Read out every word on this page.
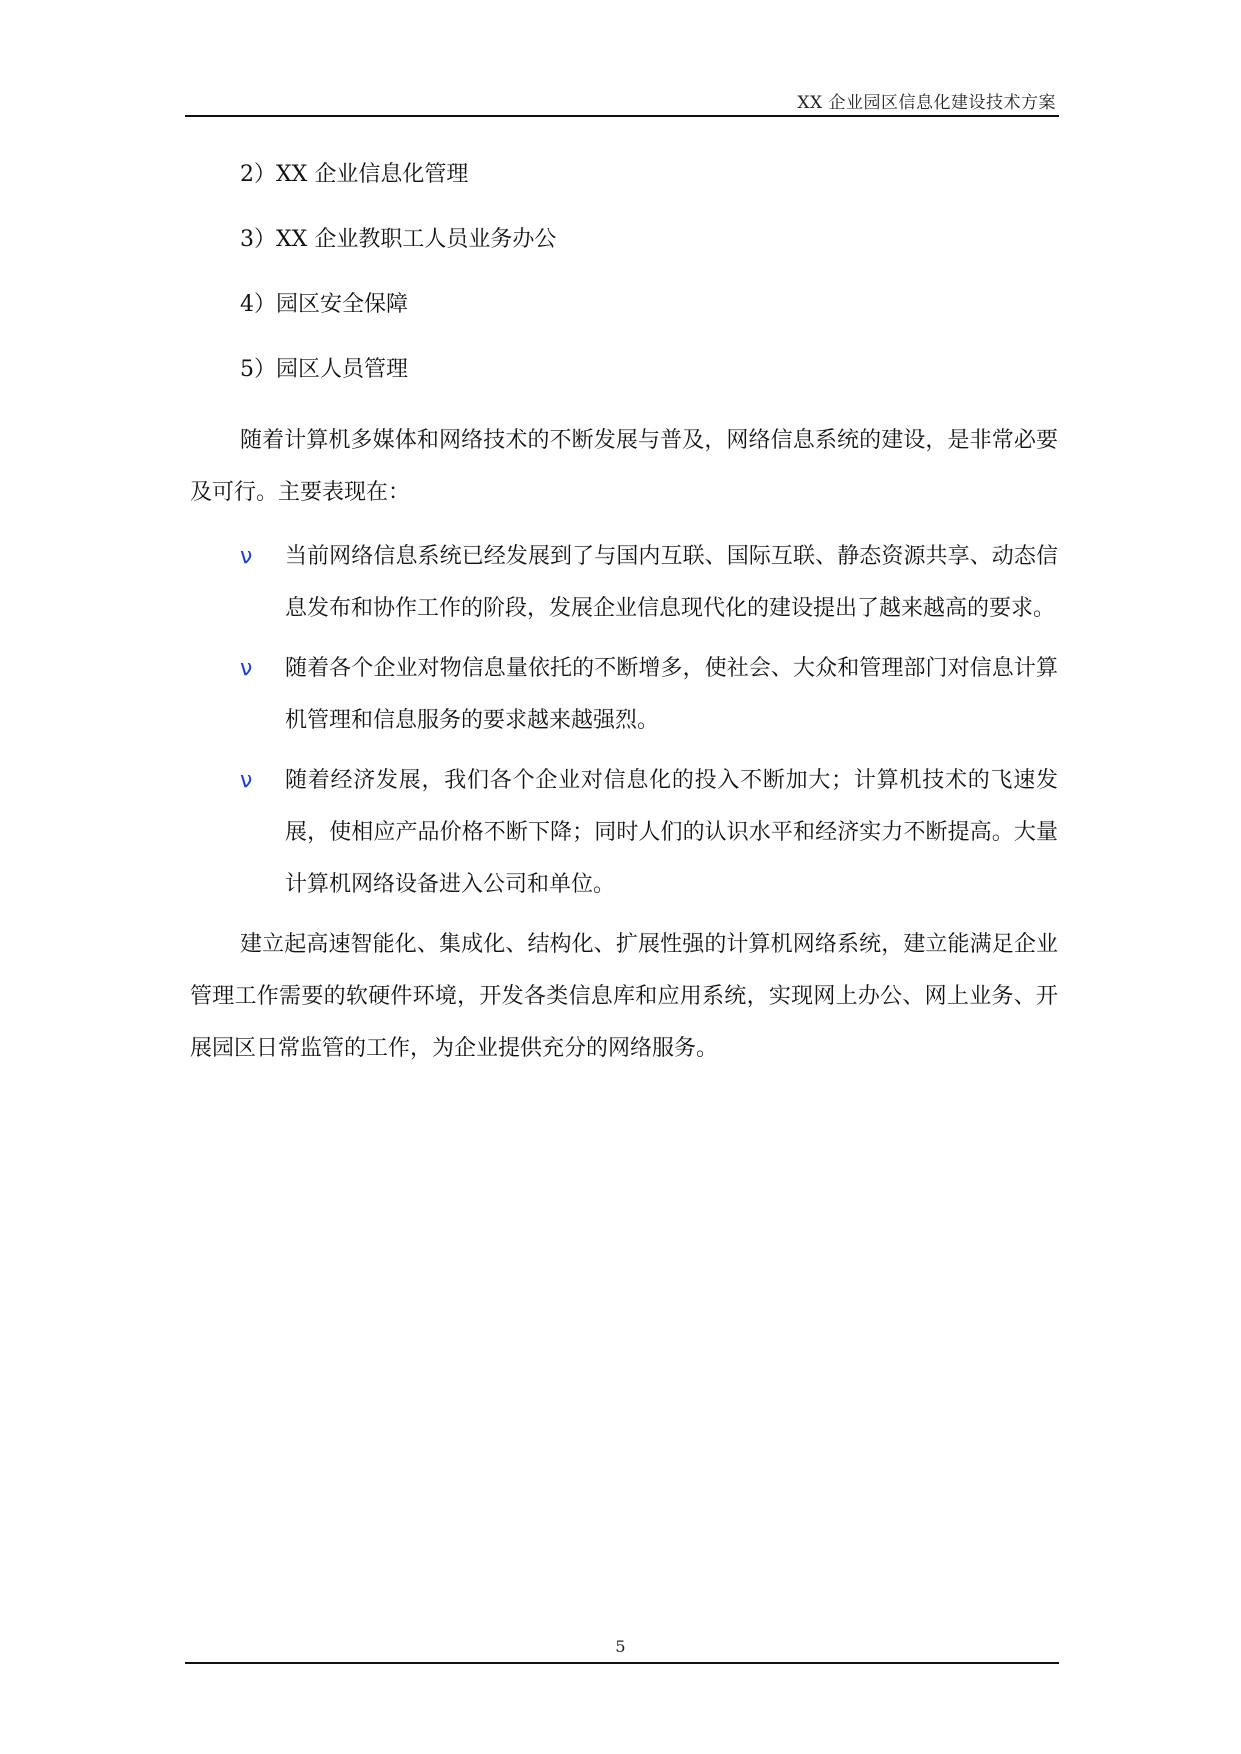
XX 企业园区信息化建设技术方案

2）XX 企业信息化管理

3）XX 企业教职工人员业务办公

4）园区安全保障

5）园区人员管理

随着计算机多媒体和网络技术的不断发展与普及，网络信息系统的建设，是非常必要及可行。主要表现在：

ν	当前网络信息系统已经发展到了与国内互联、国际互联、静态资源共享、动态信息发布和协作工作的阶段，发展企业信息现代化的建设提出了越来越高的要求。
ν	随着各个企业对物信息量依托的不断增多，使社会、大众和管理部门对信息计算机管理和信息服务的要求越来越强烈。
ν	随着经济发展，我们各个企业对信息化的投入不断加大；计算机技术的飞速发展，使相应产品价格不断下降；同时人们的认识水平和经济实力不断提高。大量计算机网络设备进入公司和单位。

建立起高速智能化、集成化、结构化、扩展性强的计算机网络系统，建立能满足企业管理工作需要的软硬件环境，开发各类信息库和应用系统，实现网上办公、网上业务、开展园区日常监管的工作，为企业提供充分的网络服务。

5
